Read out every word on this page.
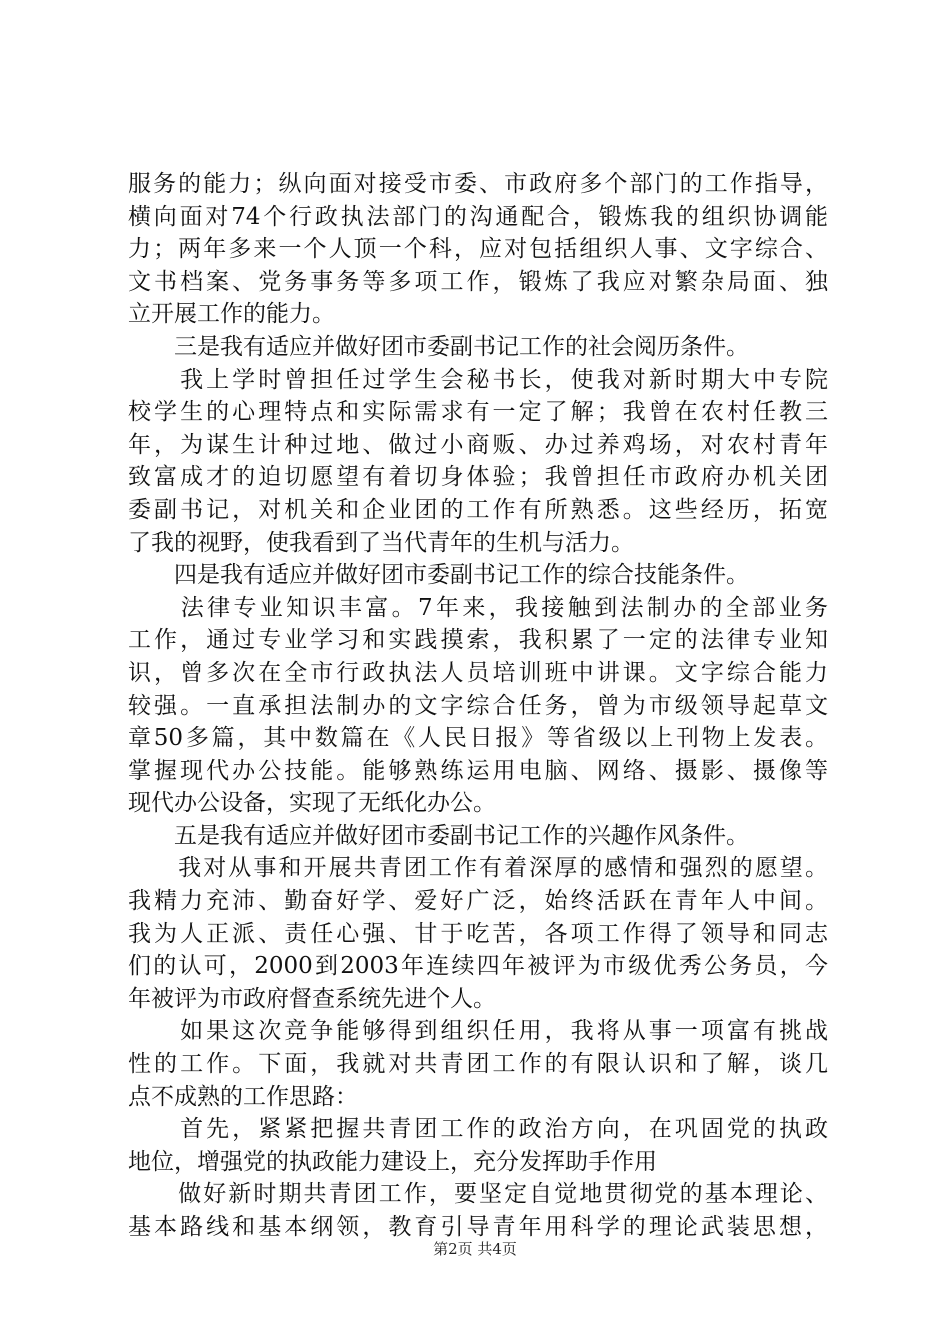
服务的能力；纵向面对接受市委、市政府多个部门的工作指导，
横向面对74个行政执法部门的沟通配合，锻炼我的组织协调能
力；两年多来一个人顶一个科，应对包括组织人事、文字综合、
文书档案、党务事务等多项工作，锻炼了我应对繁杂局面、独
立开展工作的能力。
　　三是我有适应并做好团市委副书记工作的社会阅历条件。
　　我上学时曾担任过学生会秘书长，使我对新时期大中专院
校学生的心理特点和实际需求有一定了解；我曾在农村任教三
年，为谋生计种过地、做过小商贩、办过养鸡场，对农村青年
致富成才的迫切愿望有着切身体验；我曾担任市政府办机关团
委副书记，对机关和企业团的工作有所熟悉。这些经历，拓宽
了我的视野，使我看到了当代青年的生机与活力。
　　四是我有适应并做好团市委副书记工作的综合技能条件。
　　法律专业知识丰富。7年来，我接触到法制办的全部业务
工作，通过专业学习和实践摸索，我积累了一定的法律专业知
识，曾多次在全市行政执法人员培训班中讲课。文字综合能力
较强。一直承担法制办的文字综合任务，曾为市级领导起草文
章50多篇，其中数篇在《人民日报》等省级以上刊物上发表。
掌握现代办公技能。能够熟练运用电脑、网络、摄影、摄像等
现代办公设备，实现了无纸化办公。
　　五是我有适应并做好团市委副书记工作的兴趣作风条件。
　　我对从事和开展共青团工作有着深厚的感情和强烈的愿望。
我精力充沛、勤奋好学、爱好广泛，始终活跃在青年人中间。
我为人正派、责任心强、甘于吃苦，各项工作得了领导和同志
们的认可，2000到2003年连续四年被评为市级优秀公务员，今
年被评为市政府督查系统先进个人。
　　如果这次竞争能够得到组织任用，我将从事一项富有挑战
性的工作。下面，我就对共青团工作的有限认识和了解，谈几
点不成熟的工作思路：
　　首先，紧紧把握共青团工作的政治方向，在巩固党的执政
地位，增强党的执政能力建设上，充分发挥助手作用
　　做好新时期共青团工作，要坚定自觉地贯彻党的基本理论、
基本路线和基本纲领，教育引导青年用科学的理论武装思想，
第2页 共4页
